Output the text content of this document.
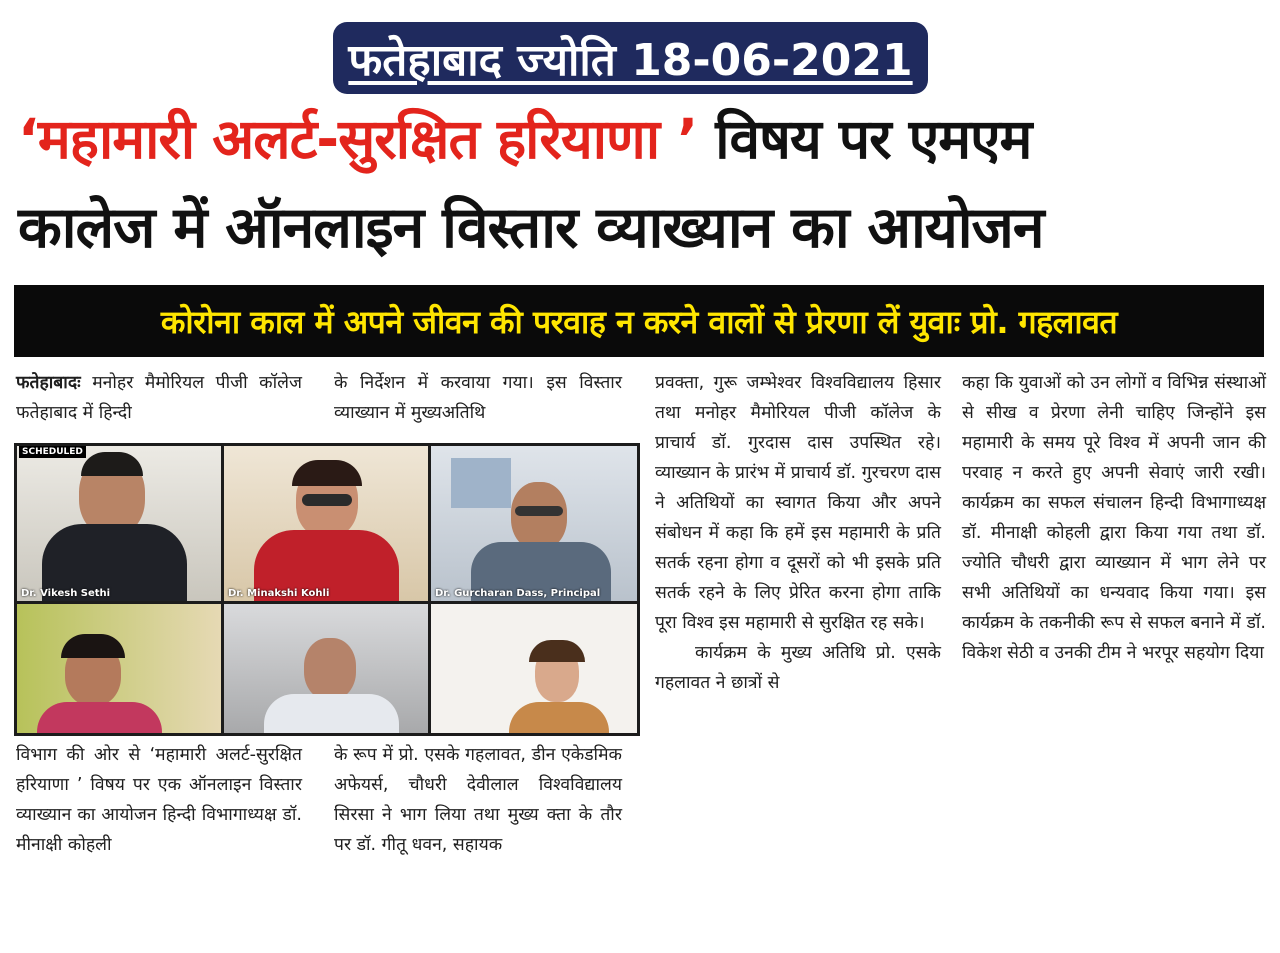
फतेहाबाद ज्योति 18-06-2021
‘महामारी अलर्ट-सुरक्षित हरियाणा ’ विषय पर एमएम
कालेज में ऑनलाइन विस्तार व्याख्यान का आयोजन
कोरोना काल में अपने जीवन की परवाह न करने वालों से प्रेरणा लें युवाः प्रो. गहलावत

फतेहाबादः मनोहर मैमोरियल पीजी कॉलेज फतेहाबाद में हिन्दी

के निर्देशन में करवाया गया। इस विस्तार व्याख्यान में मुख्यअतिथि

SCHEDULED
Dr. Vikesh Sethi	Dr. Minakshi Kohli	Dr. Gurcharan Dass, Principal

विभाग की ओर से ‘महामारी अलर्ट-सुरक्षित हरियाणा ’ विषय पर एक ऑनलाइन विस्तार व्याख्यान का आयोजन हिन्दी विभागाध्यक्ष डॉ. मीनाक्षी कोहली

के रूप में प्रो. एसके गहलावत, डीन एकेडमिक अफेयर्स, चौधरी देवीलाल विश्वविद्यालय सिरसा ने भाग लिया तथा मुख्य क्ता के तौर पर डॉ. गीतू धवन, सहायक

प्रवक्ता, गुरू जम्भेश्वर विश्वविद्यालय हिसार तथा मनोहर मैमोरियल पीजी कॉलेज के प्राचार्य डॉ. गुरदास दास उपस्थित रहे। व्याख्यान के प्रारंभ में प्राचार्य डॉ. गुरचरण दास ने अतिथियों का स्वागत किया और अपने संबोधन में कहा कि हमें इस महामारी के प्रति सतर्क रहना होगा व दूसरों को भी इसके प्रति सतर्क रहने के लिए प्रेरित करना होगा ताकि पूरा विश्व इस महामारी से सुरक्षित रह सके।

कार्यक्रम के मुख्य अतिथि प्रो. एसके गहलावत ने छात्रों से

कहा कि युवाओं को उन लोगों व विभिन्न संस्थाओं से सीख व प्रेरणा लेनी चाहिए जिन्होंने इस महामारी के समय पूरे विश्व में अपनी जान की परवाह न करते हुए अपनी सेवाएं जारी रखी। कार्यक्रम का सफल संचालन हिन्दी विभागाध्यक्ष डॉ. मीनाक्षी कोहली द्वारा किया गया तथा डॉ. ज्योति चौधरी द्वारा व्याख्यान में भाग लेने पर सभी अतिथियों का धन्यवाद किया गया। इस कार्यक्रम के तकनीकी रूप से सफल बनाने में डॉ. विकेश सेठी व उनकी टीम ने भरपूर सहयोग दिया
